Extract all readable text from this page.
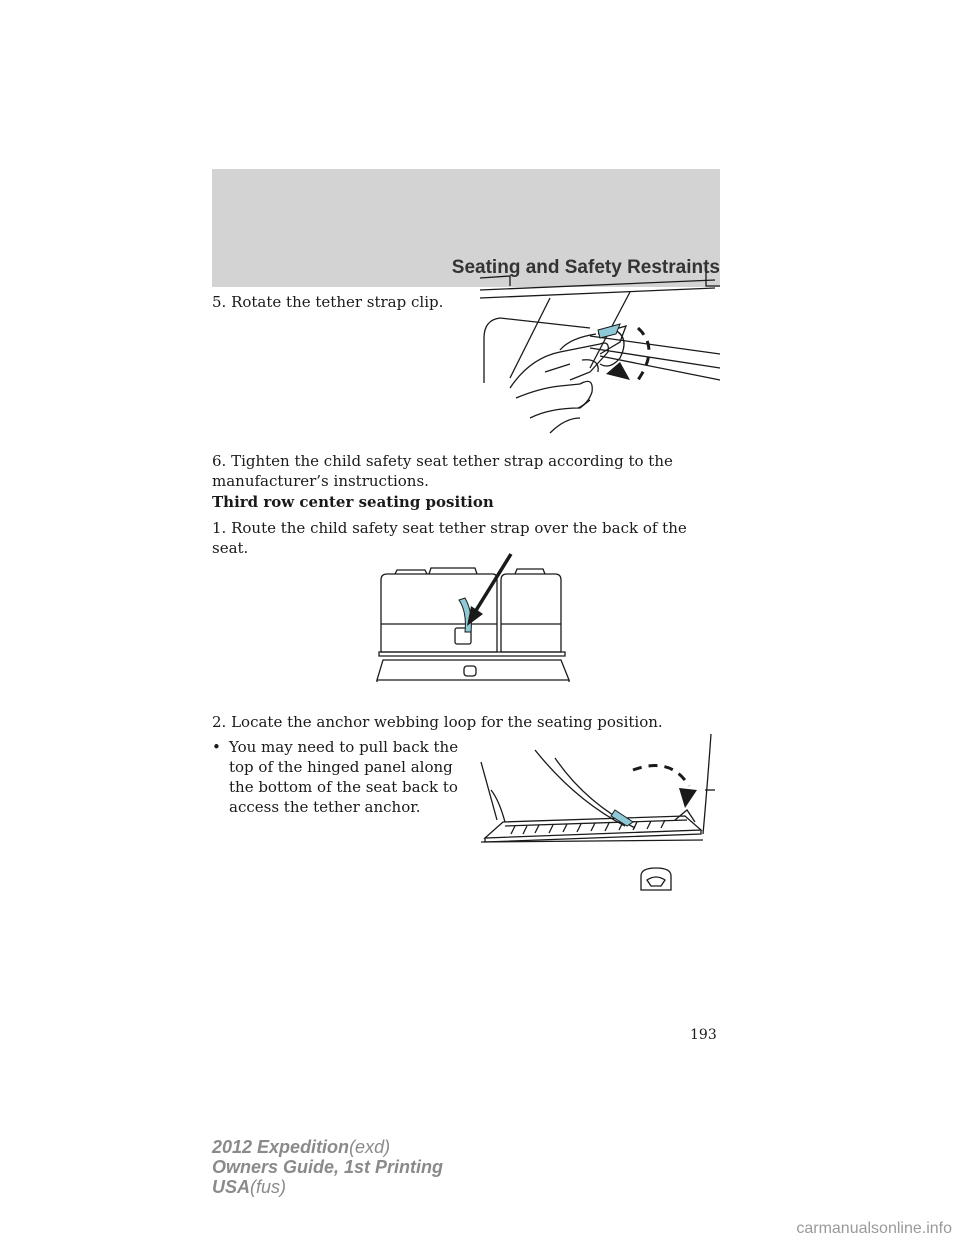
Seating and Safety Restraints

5. Rotate the tether strap clip.

6. Tighten the child safety seat tether strap according to the manufacturer’s instructions.

Third row center seating position

1. Route the child safety seat tether strap over the back of the seat.

2. Locate the anchor webbing loop for the seating position.

• You may need to pull back the top of the hinged panel along the bottom of the seat back to access the tether anchor.
193
2012 Expedition(exd)
Owners Guide, 1st Printing
USA(fus)
carmanualsonline.info
